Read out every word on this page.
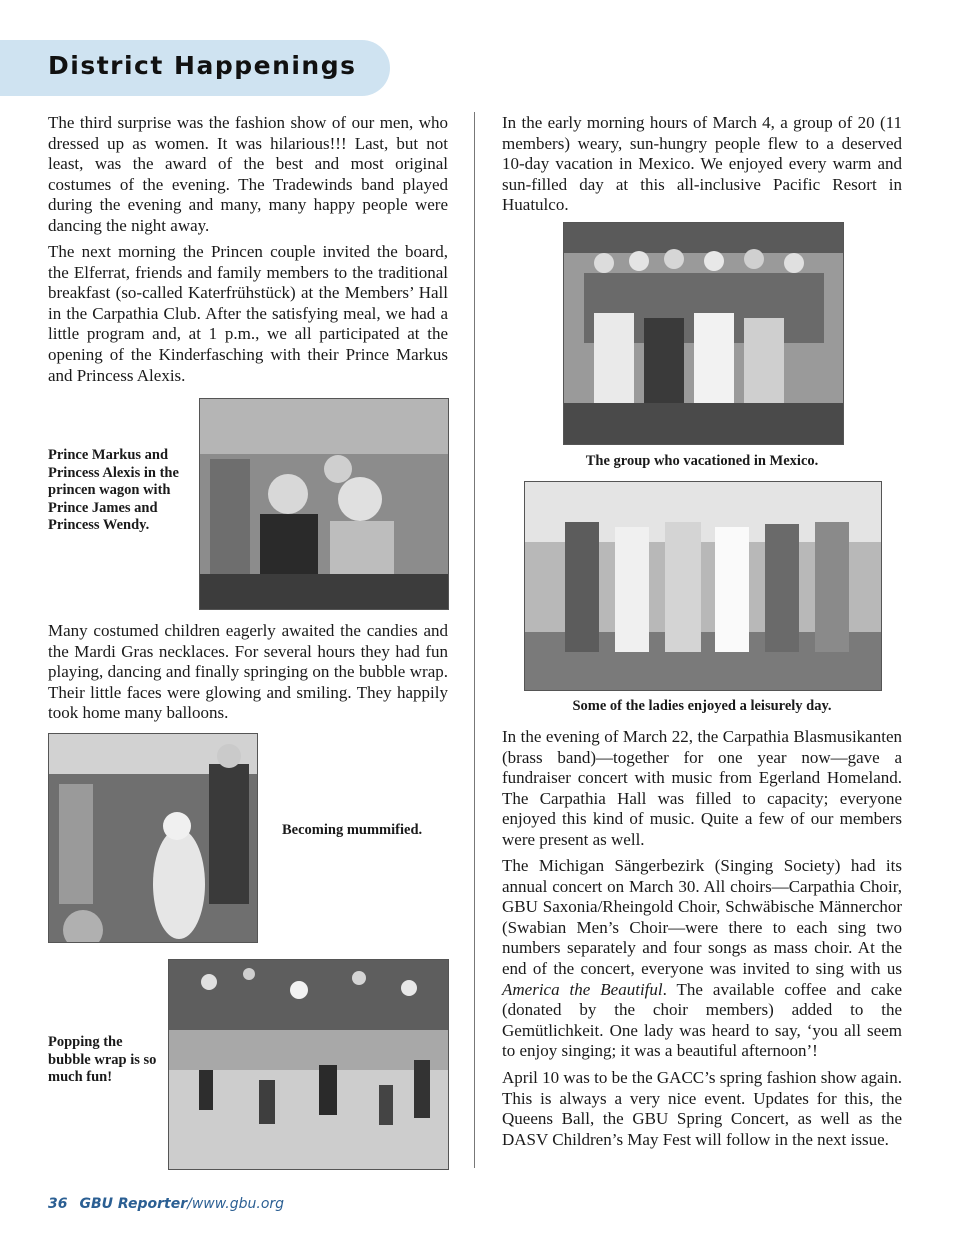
District Happenings

The third surprise was the fashion show of our men, who dressed up as women. It was hilarious!!! Last, but not least, was the award of the best and most original costumes of the evening. The Tradewinds band played during the evening and many, many happy people were dancing the night away.

The next morning the Princen couple invited the board, the Elferrat, friends and family members to the traditional breakfast (so-called Katerfrühstück) at the Members’ Hall in the Carpathia Club. After the satisfying meal, we had a little program and, at 1 p.m., we all participated at the opening of the Kinderfasching with their Prince Markus and Princess Alexis.

Prince Markus and Princess Alexis in the princen wagon with Prince James and Princess Wendy.

Many costumed children eagerly awaited the candies and the Mardi Gras necklaces. For several hours they had fun playing, dancing and finally springing on the bubble wrap. Their little faces were glowing and smiling. They happily took home many balloons.

Becoming mummified.

Popping the bubble wrap is so much fun!

In the early morning hours of March 4, a group of 20 (11 members) weary, sun-hungry people flew to a deserved 10-day vacation in Mexico. We enjoyed every warm and sun-filled day at this all-inclusive Pacific Resort in Huatulco.

The group who vacationed in Mexico.

Some of the ladies enjoyed a leisurely day.

In the evening of March 22, the Carpathia Blasmusikanten (brass band)—together for one year now—gave a fundraiser concert with music from Egerland Homeland. The Carpathia Hall was filled to capacity; everyone enjoyed this kind of music. Quite a few of our members were present as well.

The Michigan Sängerbezirk (Singing Society) had its annual concert on March 30. All choirs—Carpathia Choir, GBU Saxonia/Rheingold Choir, Schwäbische Männerchor (Swabian Men’s Choir—were there to each sing two numbers separately and four songs as mass choir. At the end of the concert, everyone was invited to sing with us America the Beautiful. The available coffee and cake (donated by the choir members) added to the Gemütlichkeit. One lady was heard to say, ‘you all seem to enjoy singing; it was a beautiful afternoon’!

April 10 was to be the GACC’s spring fashion show again. This is always a very nice event. Updates for this, the Queens Ball, the GBU Spring Concert, as well as the DASV Children’s May Fest will follow in the next issue.

36 GBU Reporter/www.gbu.org
